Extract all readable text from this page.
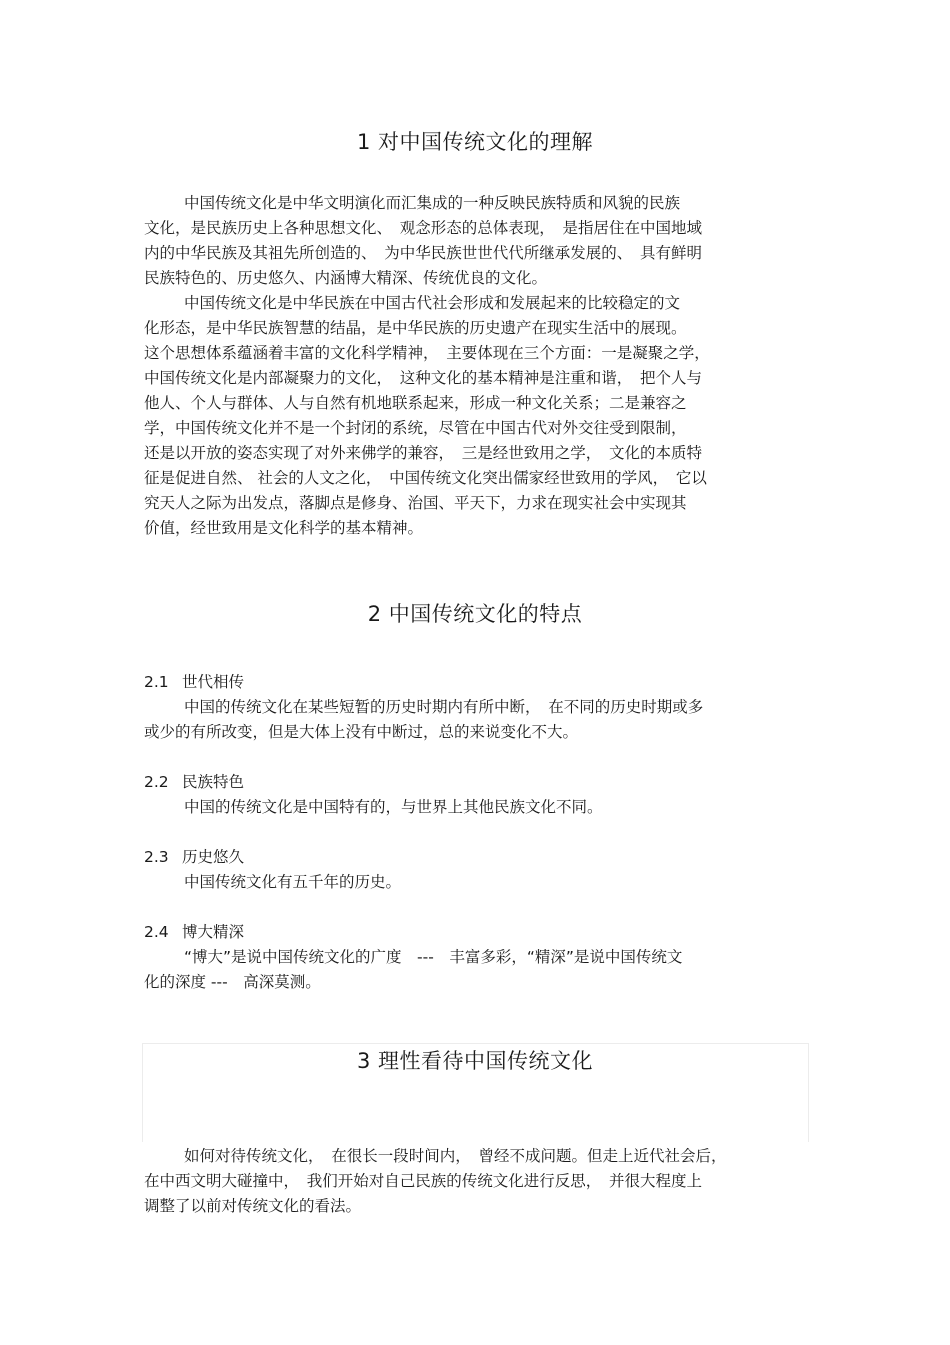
1 对中国传统文化的理解
中国传统文化是中华文明演化而汇集成的一种反映民族特质和风貌的民族
文化，是民族历史上各种思想文化、　观念形态的总体表现，　是指居住在中国地域
内的中华民族及其祖先所创造的、　为中华民族世世代代所继承发展的、　具有鲜明
民族特色的、历史悠久、内涵博大精深、传统优良的文化。
中国传统文化是中华民族在中国古代社会形成和发展起来的比较稳定的文
化形态，是中华民族智慧的结晶，是中华民族的历史遗产在现实生活中的展现。
这个思想体系蕴涵着丰富的文化科学精神，　主要体现在三个方面：一是凝聚之学，
中国传统文化是内部凝聚力的文化，　这种文化的基本精神是注重和谐，　把个人与
他人、个人与群体、人与自然有机地联系起来，形成一种文化关系；二是兼容之
学，中国传统文化并不是一个封闭的系统，尽管在中国古代对外交往受到限制，
还是以开放的姿态实现了对外来佛学的兼容，　三是经世致用之学，　文化的本质特
征是促进自然、 社会的人文之化，　中国传统文化突出儒家经世致用的学风，　它以
究天人之际为出发点，落脚点是修身、治国、平天下，力求在现实社会中实现其
价值，经世致用是文化科学的基本精神。
2 中国传统文化的特点
2.1 世代相传
中国的传统文化在某些短暂的历史时期内有所中断，　在不同的历史时期或多
或少的有所改变，但是大体上没有中断过，总的来说变化不大。
2.2 民族特色
中国的传统文化是中国特有的，与世界上其他民族文化不同。
2.3 历史悠久
中国传统文化有五千年的历史。
2.4 博大精深
“博大”是说中国传统文化的广度　---　丰富多彩，“精深”是说中国传统文
化的深度 ---　高深莫测。
3 理性看待中国传统文化
如何对待传统文化，　在很长一段时间内，　曾经不成问题。但走上近代社会后，
在中西文明大碰撞中，　我们开始对自己民族的传统文化进行反思，　并很大程度上
调整了以前对传统文化的看法。
